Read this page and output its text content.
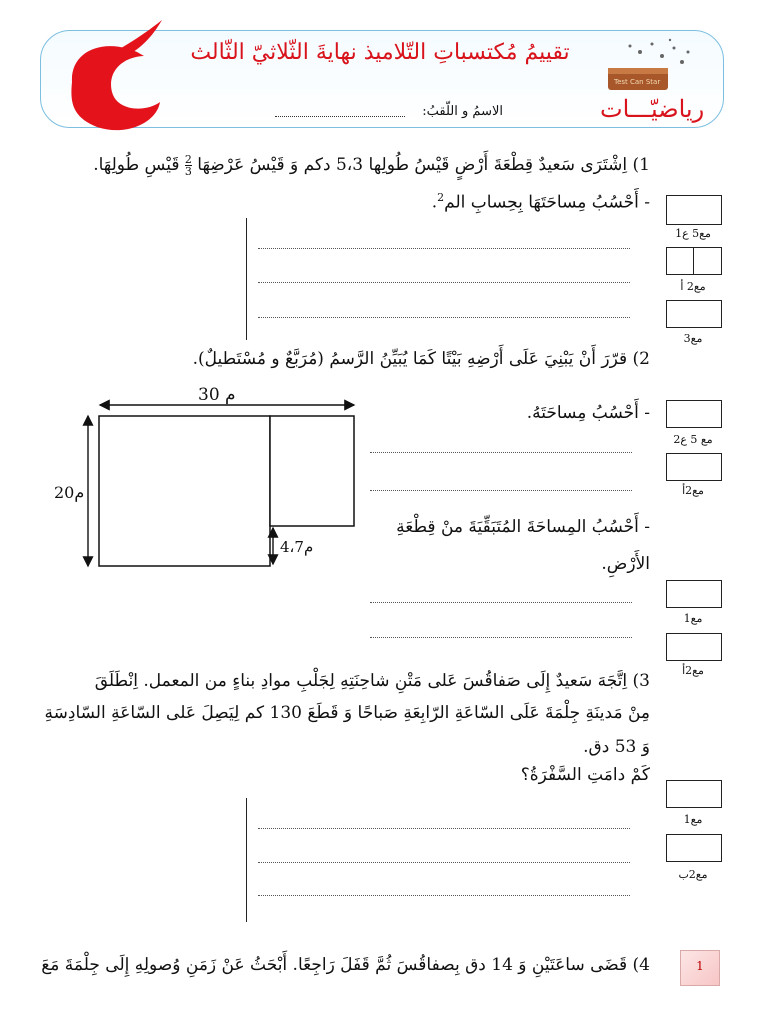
تقييمُ مُكتسباتِ التّلاميذ نهايةَ الثّلاثيّ الثّالث
الاسمُ و اللّقبُ:
Test Can Star
رياضيّـــات
1) اِشْتَرَى سَعيدٌ قِطْعَةَ أَرْضٍ قَيْسُ طُولِها 5،3 دكم وَ قَيْسُ عَرْضِهَا
$\frac{2}{3}$
قَيْسِ طُولِهَا.
- أَحْسُبُ مِساحَتَهَا بِحِسابِ الم$^2$.
2) قرّرَ أَنْ يَبْنِيَ عَلَى أَرْضِهِ بَيْتًا كَمَا يُبَيِّنُ الرَّسمُ (مُرَبَّعٌ و مُسْتَطيلٌ).
30 م
20م
4،7م
- أَحْسُبُ مِساحَتَهُ.
- أَحْسُبُ المِساحَةَ المُتَبَقِّيَةَ منْ قِطْعَةِ
الأَرْضِ.
3) اِتَّجَهَ سَعيدٌ إِلَى صَفاقُسَ عَلى مَتْنِ شاحِنَتِهِ لِجَلْبِ موادِ بناءٍ من المعمل. اِنْطَلَقَ
مِنْ مَدينَةِ جِلْمَةَ عَلَى السّاعَةِ الرّابِعَةِ صَباحًا وَ قَطَعَ 130 كم لِيَصِلَ عَلى السّاعَةِ السّادِسَةِ
وَ 53 دق.
كَمْ دامَتِ السَّفْرَةُ؟
4) قَضَى ساعَتَيْنِ وَ 14 دق بِصفاقُسَ ثُمَّ قَفَلَ رَاجِعًا. أَبْحَثُ عَنْ زَمَنِ وُصولِهِ إِلَى جِلْمَةَ مَعَ
مع5 ع1
مع2 أ
مع3
مع 5 ع2
مع2أ
مع1
مع2أ
مع1
مع2ب
1
